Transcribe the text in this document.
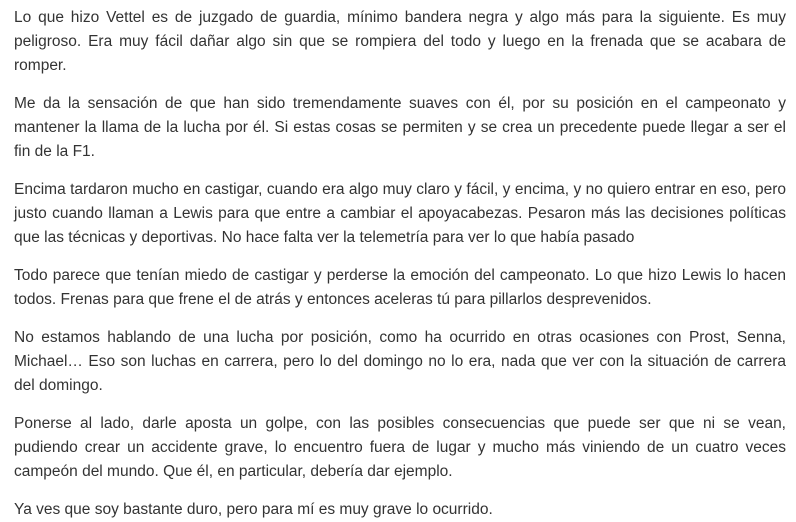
Lo que hizo Vettel es de juzgado de guardia, mínimo bandera negra y algo más para la siguiente. Es muy peligroso. Era muy fácil dañar algo sin que se rompiera del todo y luego en la frenada que se acabara de romper.

Me da la sensación de que han sido tremendamente suaves con él, por su posición en el campeonato y mantener la llama de la lucha por él. Si estas cosas se permiten y se crea un precedente puede llegar a ser el fin de la F1.

Encima tardaron mucho en castigar, cuando era algo muy claro y fácil, y encima, y no quiero entrar en eso, pero justo cuando llaman a Lewis para que entre a cambiar el apoyacabezas. Pesaron más las decisiones políticas que las técnicas y deportivas. No hace falta ver la telemetría para ver lo que había pasado

Todo parece que tenían miedo de castigar y perderse la emoción del campeonato. Lo que hizo Lewis lo hacen todos. Frenas para que frene el de atrás y entonces aceleras tú para pillarlos desprevenidos.

No estamos hablando de una lucha por posición, como ha ocurrido en otras ocasiones con Prost, Senna, Michael… Eso son luchas en carrera, pero lo del domingo no lo era, nada que ver con la situación de carrera del domingo.

Ponerse al lado, darle aposta un golpe, con las posibles consecuencias que puede ser que ni se vean, pudiendo crear un accidente grave, lo encuentro fuera de lugar y mucho más viniendo de un cuatro veces campeón del mundo. Que él, en particular, debería dar ejemplo.

Ya ves que soy bastante duro, pero para mí es muy grave lo ocurrido.
